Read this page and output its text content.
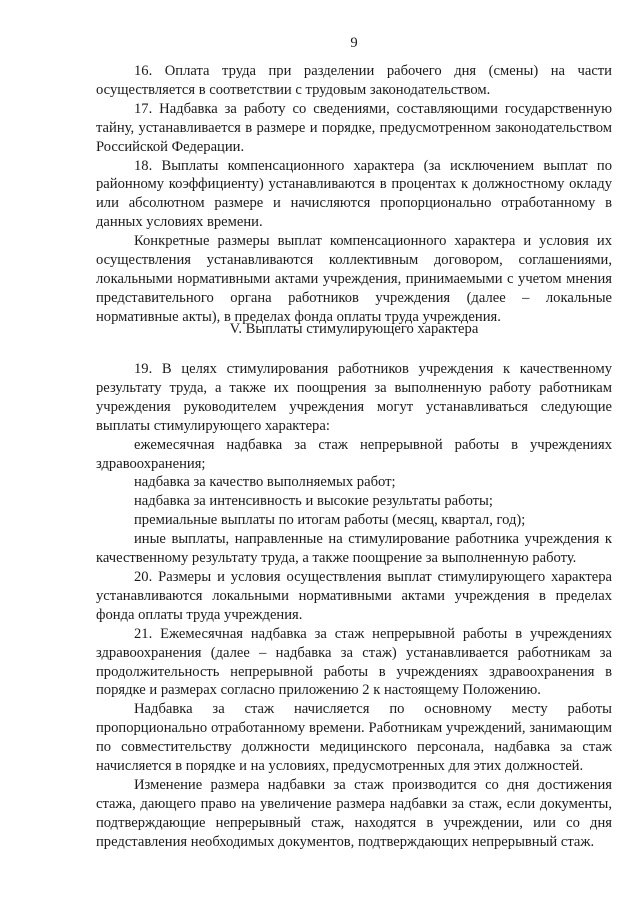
9

16. Оплата труда при разделении рабочего дня (смены) на части осуществляется в соответствии с трудовым законодательством.

17. Надбавка за работу со сведениями, составляющими государственную тайну, устанавливается в размере и порядке, предусмотренном законодательством Российской Федерации.

18. Выплаты компенсационного характера (за исключением выплат по районному коэффициенту) устанавливаются в процентах к должностному окладу или абсолютном размере и начисляются пропорционально отработанному в данных условиях времени.

Конкретные размеры выплат компенсационного характера и условия их осуществления устанавливаются коллективным договором, соглашениями, локальными нормативными актами учреждения, принимаемыми с учетом мнения представительного органа работников учреждения (далее – локальные нормативные акты), в пределах фонда оплаты труда учреждения.

V. Выплаты стимулирующего характера

19. В целях стимулирования работников учреждения к качественному результату труда, а также их поощрения за выполненную работу работникам учреждения руководителем учреждения могут устанавливаться следующие выплаты стимулирующего характера:

ежемесячная надбавка за стаж непрерывной работы в учреждениях здравоохранения;

надбавка за качество выполняемых работ;

надбавка за интенсивность и высокие результаты работы;

премиальные выплаты по итогам работы (месяц, квартал, год);

иные выплаты, направленные на стимулирование работника учреждения к качественному результату труда, а также поощрение за выполненную работу.

20. Размеры и условия осуществления выплат стимулирующего характера устанавливаются локальными нормативными актами учреждения в пределах фонда оплаты труда учреждения.

21. Ежемесячная надбавка за стаж непрерывной работы в учреждениях здравоохранения (далее – надбавка за стаж) устанавливается работникам за продолжительность непрерывной работы в учреждениях здравоохранения в порядке и размерах согласно приложению 2 к настоящему Положению.

Надбавка за стаж начисляется по основному месту работы пропорционально отработанному времени. Работникам учреждений, занимающим по совместительству должности медицинского персонала, надбавка за стаж начисляется в порядке и на условиях, предусмотренных для этих должностей.

Изменение размера надбавки за стаж производится со дня достижения стажа, дающего право на увеличение размера надбавки за стаж, если документы, подтверждающие непрерывный стаж, находятся в учреждении, или со дня представления необходимых документов, подтверждающих непрерывный стаж.
